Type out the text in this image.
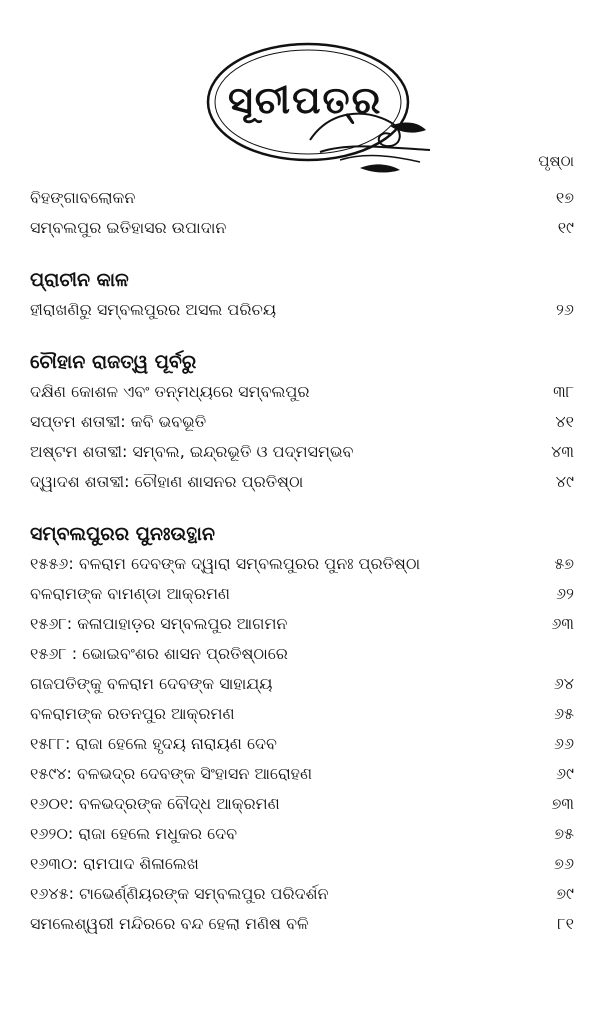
ସୂଚୀପତ୍ର
ପୃଷ୍ଠା
ବିହଙ୍ଗାବଲୋକନ	୧୭
ସମ୍ବଲପୁର ଇତିହାସର ଉପାଦାନ	୧୯
ପ୍ରାଚୀନ କାଳ
ହୀରାଖଣିରୁ ସମ୍ବଲପୁରର ଅସଲ ପରିଚୟ	୨୬
ଚୌହାନ ରାଜତ୍ୱ ପୂର୍ବରୁ
ଦକ୍ଷିଣ କୋଶଳ ଏବଂ ତନ୍ମଧ୍ୟରେ ସମ୍ବଲପୁର	୩୮
ସପ୍ତମ ଶତାବ୍ଦୀ: କବି ଭବଭୂତି	୪୧
ଅଷ୍ଟମ ଶତାବ୍ଦୀ: ସମ୍ବଲ, ଇନ୍ଦ୍ରଭୂତି ଓ ପଦ୍ମସମ୍ଭବ	୪୩
ଦ୍ୱାଦଶ ଶତାବ୍ଦୀ: ଚୌହାଣ ଶାସନର ପ୍ରତିଷ୍ଠା	୪୯
ସମ୍ବଲପୁରର ପୁନଃଉତ୍ଥାନ
୧୫୫୬: ବଳରାମ ଦେବଙ୍କ ଦ୍ୱାରା ସମ୍ବଲପୁରର ପୁନଃ ପ୍ରତିଷ୍ଠା	୫୭
ବଳରାମଙ୍କ ବାମଣ୍ଡା ଆକ୍ରମଣ	୬୨
୧୫୬୮: କଳାପାହାଡ଼ର ସମ୍ବଲପୁର ଆଗମନ	୬୩
୧୫୬୮ : ଭୋଇବଂଶର ଶାସନ ପ୍ରତିଷ୍ଠାରେ
ଗଜପତିଙ୍କୁ ବଳରାମ ଦେବଙ୍କ ସାହାଯ୍ୟ	୬୪
ବଳରାମଙ୍କ ରତନପୁର ଆକ୍ରମଣ	୬୫
୧୫୮୮: ରାଜା ହେଲେ ହୃଦୟ ନାରାୟଣ ଦେବ	୬୬
୧୫୯୪: ବଳଭଦ୍ର ଦେବଙ୍କ ସିଂହାସନ ଆରୋହଣ	୬୯
୧୬୦୧: ବଳଭଦ୍ରଙ୍କ ବୌଦ୍ଧ ଆକ୍ରମଣ	୭୩
୧୬୨୦: ରାଜା ହେଲେ ମଧୁକର ଦେବ	୭୫
୧୬୩୦: ରାମପାଦ ଶିଳାଲେଖ	୭୬
୧୬୪୫: ଟାଭେର୍ଣ୍ଣିୟରଙ୍କ ସମ୍ବଲପୁର ପରିଦର୍ଶନ	୭୯
ସମଲେଶ୍ୱରୀ ମନ୍ଦିରରେ ବନ୍ଦ ହେଲା ମଣିଷ ବଳି	୮୧
